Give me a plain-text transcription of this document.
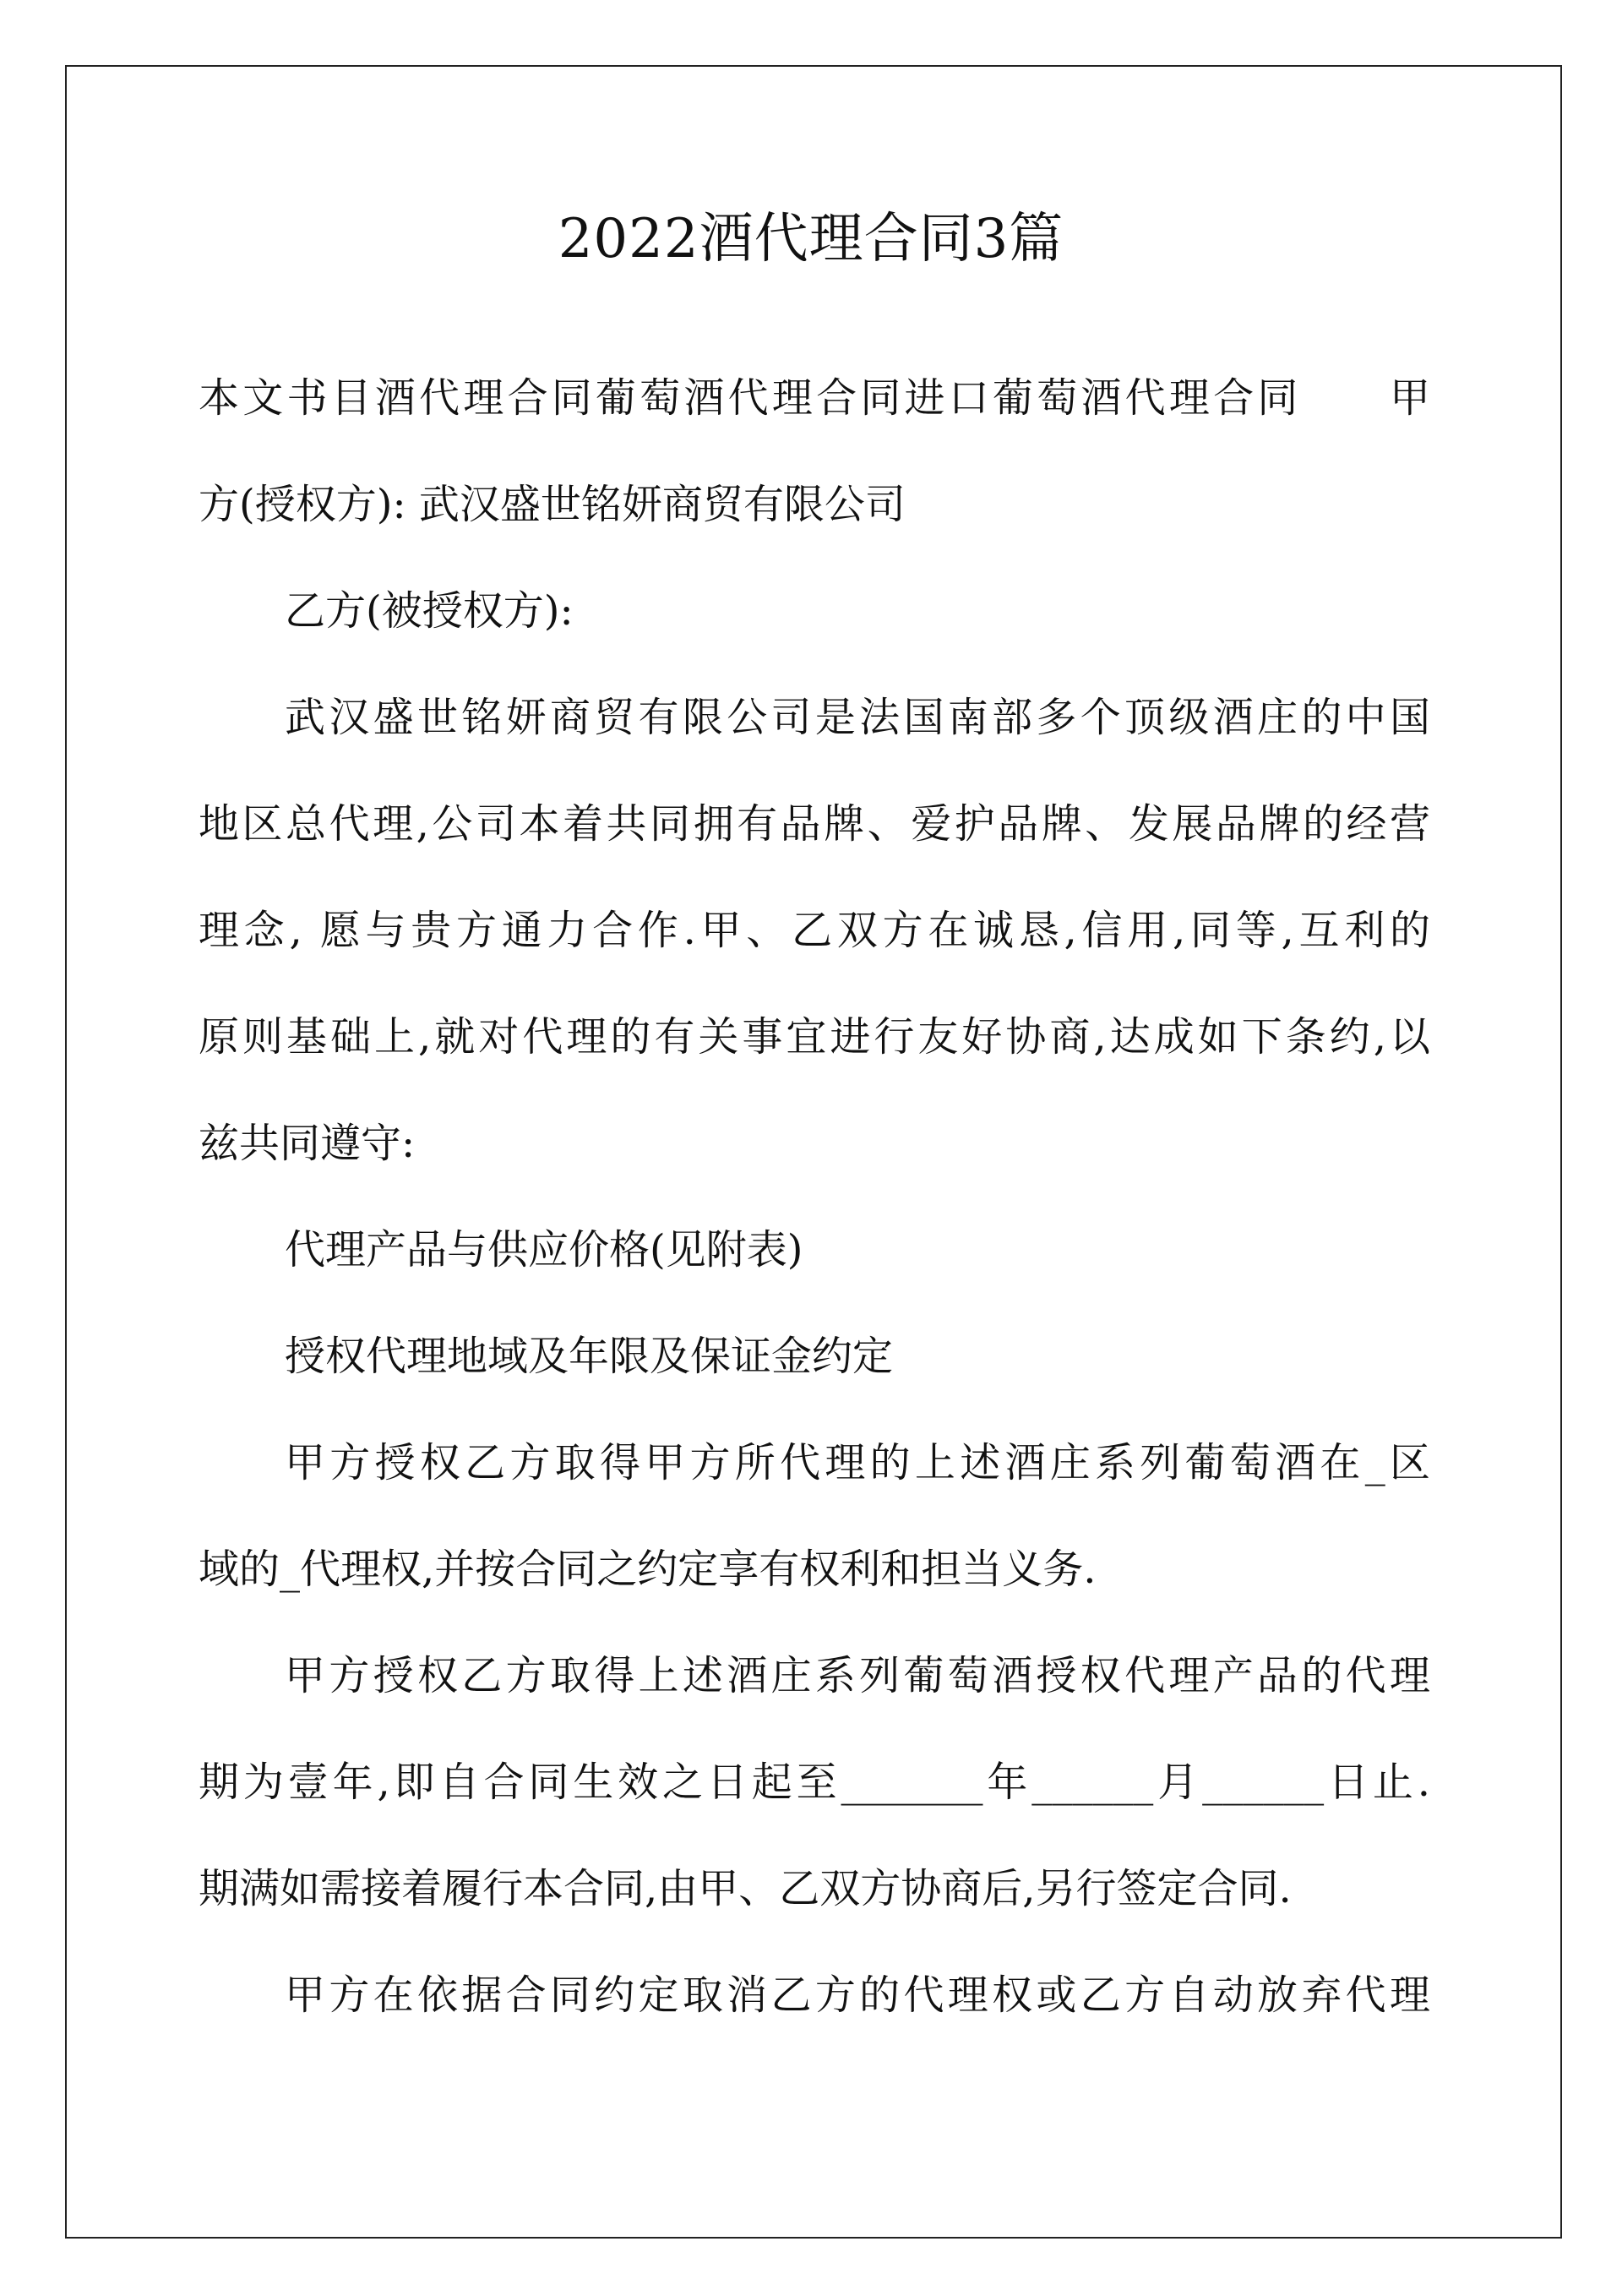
2022酒代理合同3篇
本文书目酒代理合同葡萄酒代理合同进口葡萄酒代理合同　　甲
方(授权方): 武汉盛世铭妍商贸有限公司
乙方(被授权方):
武汉盛世铭妍商贸有限公司是法国南部多个顶级酒庄的中国
地区总代理,公司本着共同拥有品牌、爱护品牌、发展品牌的经营
理念, 愿与贵方通力合作.甲、乙双方在诚恳,信用,同等,互利的
原则基础上,就对代理的有关事宜进行友好协商,达成如下条约,以
兹共同遵守:
代理产品与供应价格(见附表)
授权代理地域及年限及保证金约定
甲方授权乙方取得甲方所代理的上述酒庄系列葡萄酒在_区
域的_代理权,并按合同之约定享有权利和担当义务.
甲方授权乙方取得上述酒庄系列葡萄酒授权代理产品的代理
期为壹年,即自合同生效之日起至_______年______月______日止.
期满如需接着履行本合同,由甲、乙双方协商后,另行签定合同.
甲方在依据合同约定取消乙方的代理权或乙方自动放弃代理
